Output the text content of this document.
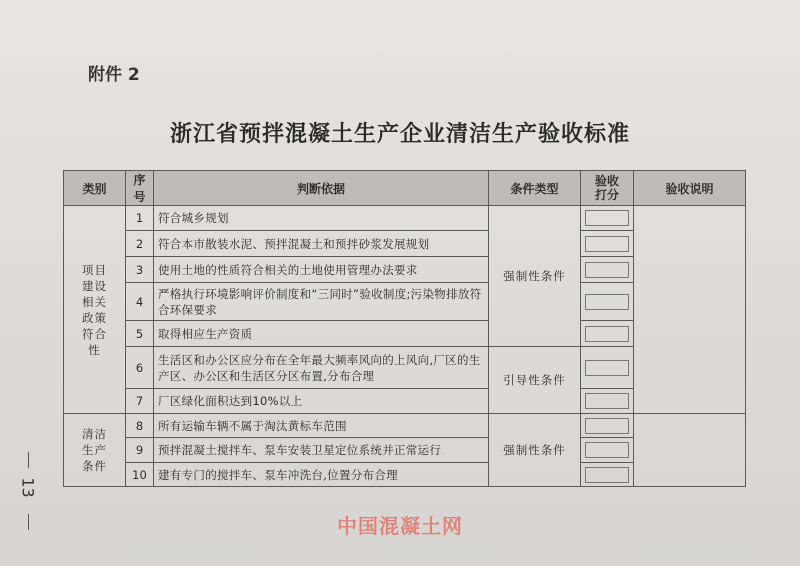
附件 2
浙江省预拌混凝土生产企业清洁生产验收标准
13
类别	序号	判断依据	条件类型	验收打分	验收说明
项目建设相关政策符合性	1	符合城乡规划	强制性条件	

	2	符合本市散装水泥、预拌混凝土和预拌砂浆发展规划			

	3	使用土地的性质符合相关的土地使用管理办法要求			

	4	严格执行环境影响评价制度和“三同时”验收制度;污染物排放符合环保要求			

	5	取得相应生产资质			

	6	生活区和办公区应分布在全年最大频率风向的上风向,厂区的生产区、办公区和生活区分区布置,分布合理	引导性条件		

	7	厂区绿化面积达到10%以上			

清洁生产条件	8	所有运输车辆不属于淘汰黄标车范围	强制性条件	

	9	预拌混凝土搅拌车、泵车安装卫星定位系统并正常运行			

	10	建有专门的搅拌车、泵车冲洗台,位置分布合理			
中国混凝土网
